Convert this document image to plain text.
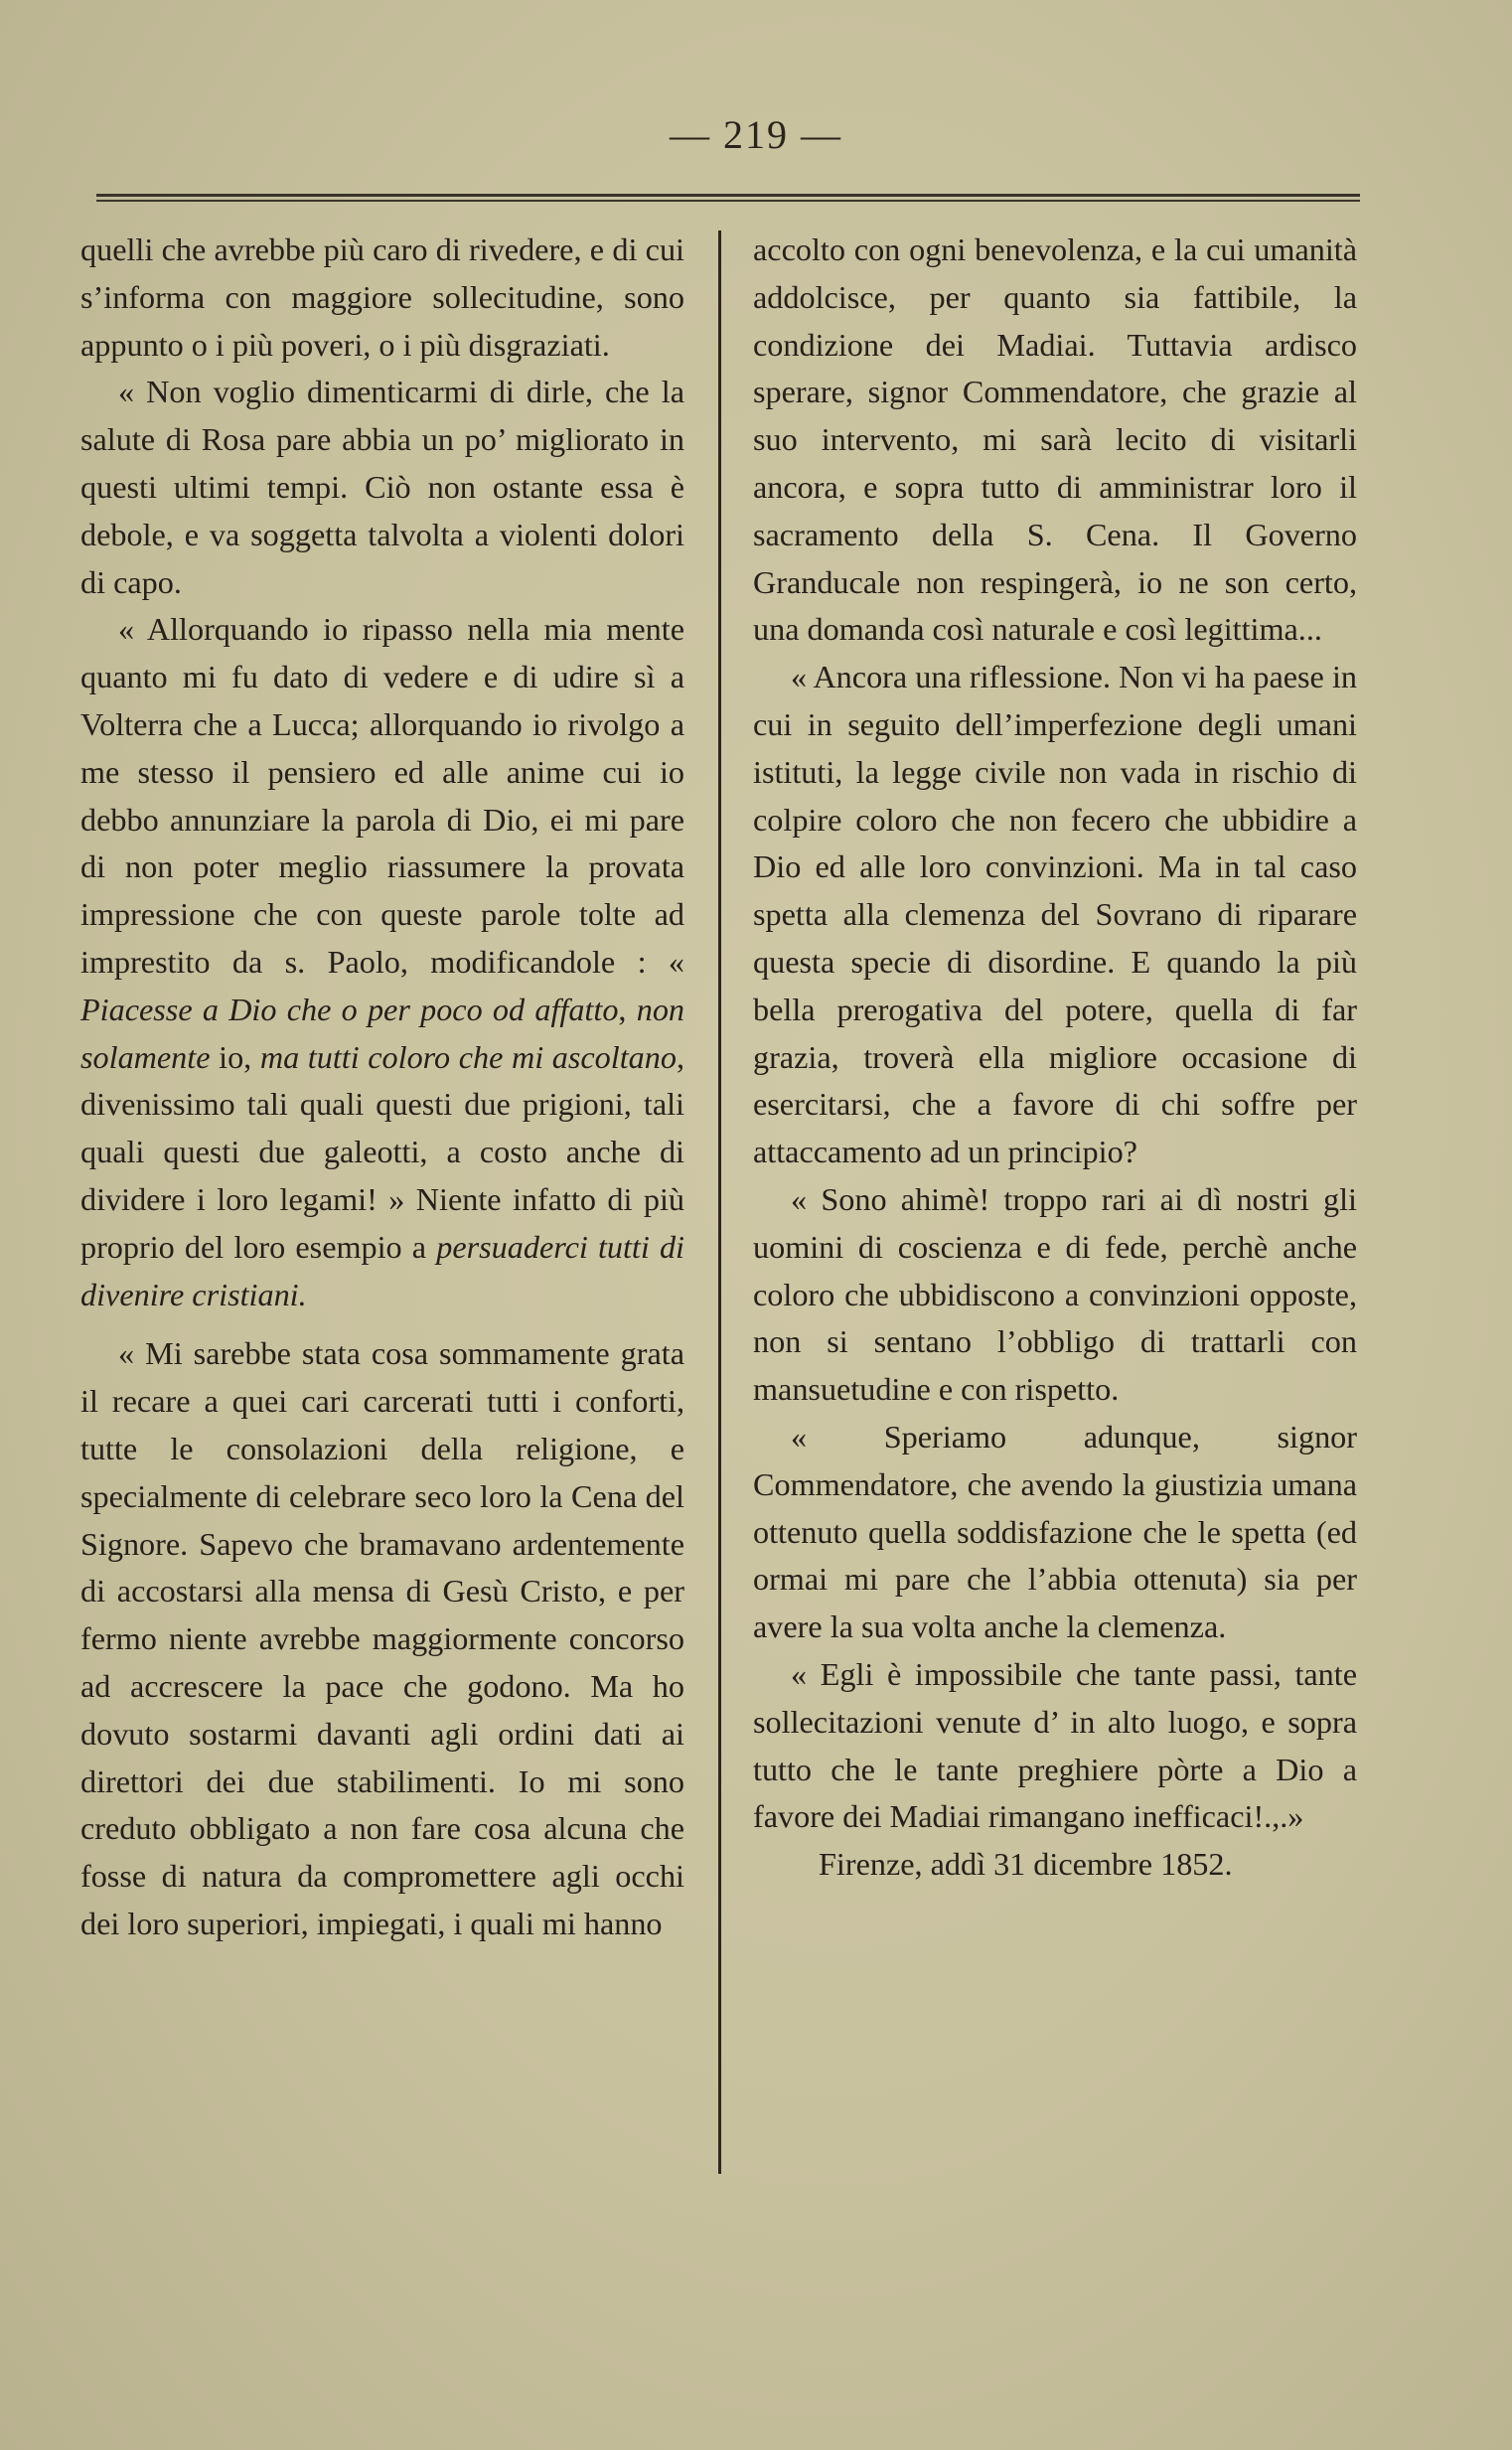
— 219 —

quelli che avrebbe più caro di rivedere, e di cui s’informa con maggiore sollecitudine, sono appunto o i più poveri, o i più disgraziati.

« Non voglio dimenticarmi di dirle, che la salute di Rosa pare abbia un po’ migliorato in questi ultimi tempi. Ciò non ostante essa è debole, e va soggetta talvolta a violenti dolori di capo.

« Allorquando io ripasso nella mia mente quanto mi fu dato di vedere e di udire sì a Volterra che a Lucca; allorquando io rivolgo a me stesso il pensiero ed alle anime cui io debbo annunziare la parola di Dio, ei mi pare di non poter meglio riassumere la provata impressione che con queste parole tolte ad imprestito da s. Paolo, modificandole : « Piacesse a Dio che o per poco od affatto, non solamente io, ma tutti coloro che mi ascoltano, divenissimo tali quali questi due prigioni, tali quali questi due galeotti, a costo anche di dividere i loro legami! » Niente infatto di più proprio del loro esempio a persuaderci tutti di divenire cristiani.

« Mi sarebbe stata cosa sommamente grata il recare a quei cari carcerati tutti i conforti, tutte le consolazioni della religione, e specialmente di celebrare seco loro la Cena del Signore. Sapevo che bramavano ardentemente di accostarsi alla mensa di Gesù Cristo, e per fermo niente avrebbe maggiormente concorso ad accrescere la pace che godono. Ma ho dovuto sostarmi davanti agli ordini dati ai direttori dei due stabilimenti. Io mi sono creduto obbligato a non fare cosa alcuna che fosse di natura da compromettere agli occhi dei loro superiori, impiegati, i quali mi hanno

accolto con ogni benevolenza, e la cui umanità addolcisce, per quanto sia fattibile, la condizione dei Madiai. Tuttavia ardisco sperare, signor Commendatore, che grazie al suo intervento, mi sarà lecito di visitarli ancora, e sopra tutto di amministrar loro il sacramento della S. Cena. Il Governo Granducale non respingerà, io ne son certo, una domanda così naturale e così legittima...

« Ancora una riflessione. Non vi ha paese in cui in seguito dell’imperfezione degli umani istituti, la legge civile non vada in rischio di colpire coloro che non fecero che ubbidire a Dio ed alle loro convinzioni. Ma in tal caso spetta alla clemenza del Sovrano di riparare questa specie di disordine. E quando la più bella prerogativa del potere, quella di far grazia, troverà ella migliore occasione di esercitarsi, che a favore di chi soffre per attaccamento ad un principio?

« Sono ahimè! troppo rari ai dì nostri gli uomini di coscienza e di fede, perchè anche coloro che ubbidiscono a convinzioni opposte, non si sentano l’obbligo di trattarli con mansuetudine e con rispetto.

« Speriamo adunque, signor Commendatore, che avendo la giustizia umana ottenuto quella soddisfazione che le spetta (ed ormai mi pare che l’abbia ottenuta) sia per avere la sua volta anche la clemenza.

« Egli è impossibile che tante passi, tante sollecitazioni venute d’ in alto luogo, e sopra tutto che le tante preghiere pòrte a Dio a favore dei Madiai rimangano inefficaci!.,.»

Firenze, addì 31 dicembre 1852.
